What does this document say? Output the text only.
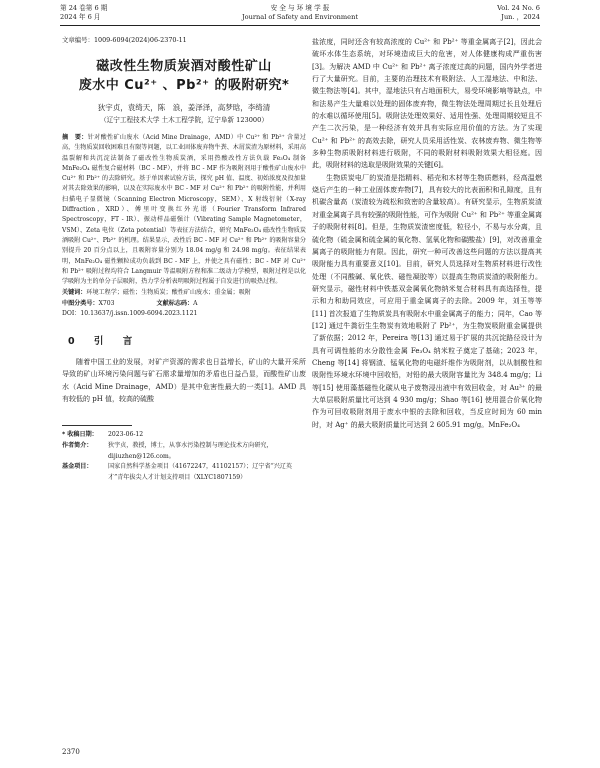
第 24 卷第 6 期
2024 年 6 月
安 全 与 环 境 学 报
Journal of Safety and Environment
Vol. 24 No. 6
Jun. ，2024
文章编号：1009-6094(2024)06-2370-11
磁改性生物质炭酒对酸性矿山
废水中 Cu²⁺ 、Pb²⁺ 的吸附研究*
狄宇贞，袁绮天，陈　浪，姜泽泽，高梦晗，李绮清
（辽宁工程技术大学 土木工程学院，辽宁阜新 123000）
摘　要：针对酸性矿山废水（Acid Mine Drainage，AMD）中 Cu²⁺ 和 Pb²⁺ 含量过高，生物质炭回收困难且有限等问题，以工业固体废弃物牛粪、木屑炭渣为原材料，采用高温裂解和共沉淀法制备了磁改性生物质炭酒，采用热酸改性方法负载 Fe₃O₄ 制备 MnFe₂O₄ 磁性复合磁材料（BC - MF），并将 BC - MF 作为吸附剂用于酸性矿山废水中 Cu²⁺ 和 Pb²⁺ 的去除研究。基于单因素试验方法，探究 pH 值、温度、初始浓度及投加量对其去除效果的影响，以及在实际废水中 BC - MF 对 Cu²⁺ 和 Pb²⁺ 的吸附性能，并利用扫描电子显微镜（Scanning Electron Microscopy，SEM）、X 射线衍射（X-ray Diffraction，XRD）、傅里叶变换红外光谱（Fourier Transform Infrared Spectroscopy，FT - IR）、振动样品磁强计（Vibrating Sample Magnetometer，VSM）、Zeta 电位（Zeta potential）等表征方法结合，研究 MnFe₂O₄ 磁改性生物质炭酒吸附 Cu²⁺、Pb²⁺ 的机理。结果显示，改性后 BC - MF 对 Cu²⁺ 和 Pb²⁺ 的吸附容量分别提升 20 百分点以上，且吸附容量分别为 18.04 mg/g 和 24.98 mg/g。表征结果表明，MnFe₂O₄ 磁性颗粒成功负载到 BC - MF 上，并使之具有磁性；BC - MF 对 Cu²⁺ 和 Pb²⁺ 吸附过程均符合 Langmuir 等温吸附方程和准二级动力学模型，吸附过程是以化学吸附为主的单分子层吸附，热力学分析表明吸附过程属于自发进行的吸热过程。
关键词：环境工程学；磁性；生物质炭；酸性矿山废水；重金属；吸附
中图分类号：X703	文献标志码：A
DOI：10.13637/j.issn.1009-6094.2023.1121
0 引 言
随着中国工业的发展，对矿产资源的需求也日益增长，矿山的大量开采所导致的矿山环境污染问题与矿石需求量增加的矛盾也日益凸显，而酸性矿山废水（Acid Mine Drainage，AMD）是其中危害性最大的一类[1]。AMD 具有较低的 pH 值，较高的硫酸
* 收稿日期：	2023-06-12
作者简介：	狄宇贞，教授，博士，从事水污染控制与理论技术方向研究，dijiuzhen@126.com。
基金项目：	国家自然科学基金项目（41672247，41102157）；辽宁省“兴辽英才”青年拔尖人才计划支持项目（XLYC1807159）

盐浓度，同时还含有较高浓度的 Cu²⁺ 和 Pb²⁺ 等重金属离子[2]，因此会破坏水体生态系统，对环境造成巨大的危害，对人体健康构成严重伤害[3]。为解决 AMD 中 Cu²⁺ 和 Pb²⁺ 离子浓度过高的问题，国内外学者进行了大量研究。目前，主要的治理技术有吸附法、人工湿地法、中和法、微生物法等[4]。其中，湿地法只有占地面积大，易受环境影响等缺点，中和法易产生大量难以处理的固体废弃物，微生物法处理周期过长且处理后的水难以循环使用[5]。吸附法处理效果好、适用性强、处理周期较短且不产生二次污染，是一种经济有效并具有实际应用价值的方法。为了实现 Cu²⁺ 和 Pb²⁺ 的高效去除，研究人员采用活性炭、农林废弃物、微生物等多种生物质吸附材料进行吸附，不同的吸附材料吸附效果大相径庭。因此，吸附材料的选取是吸附效果的关键[6]。

生物质炭电厂的炭渣是指精料、稻壳和木材等生物质燃料，经高温燃烧后产生的一种工业固体废弃物[7]，具有较大的比表面积和孔隙度，且有机碳含量高（炭渣较为疏松和致密的含量较高）。有研究显示，生物质炭渣对重金属离子具有较强的吸附性能，可作为吸附 Cu²⁺ 和 Pb²⁺ 等重金属离子的吸附材料[8]。但是，生物质炭渣密度低，粒径小，不易与水分离，且硫化物（硫金属和硫金属的氧化物、氢氧化物和碳酸盐）[9]，对改善重金属离子的吸附能力有限。因此，研究一种可改善这些问题的方法以提高其吸附能力具有重要意义[10]。目前，研究人员选择对生物质材料进行改性处理（不同酸碱、氧化铁、磁性凝胶等）以提高生物质炭渣的吸附能力。研究显示，磁性材料中铁基双金属氧化物纳米复合材料具有高选择性，提示和力和助同效应，可应用于重金属离子的去除。2009 年，刘玉等等[11] 首次报道了生物质炭具有吸附水中重金属离子的能力；同年，Cao 等[12] 通过牛粪衍生生物炭有效地吸附了 Pb²⁺，为生物炭吸附重金属提供了新依据；2012 年，Pereira 等[13] 通过易于扩展的共沉淀路径设计为具有可调性能的水分散性金属 Fe₃O₄ 纳米粒子奠定了基础；2023 年，Cheng 等[14] 将钢渣、锰氧化物的电磁纤维作为吸附剂，以从制酸性和吸附性环境水环境中回收铅，对铅的最大吸附容量比为 348.4 mg/g；Li 等[15] 使用藻基磁性化碳从电子废物浸出液中有效回收金，对 Au³⁺ 的最大单层吸附质量比可达到 4 930 mg/g；Shao 等[16] 使用混合价氧化物作为可回收吸附剂用于废水中银的去除和回收，当反应时间为 60 min 时，对 Ag⁺ 的最大吸附质量比可达到 2 605.91 mg/g。MnFe₂O₄

2370
